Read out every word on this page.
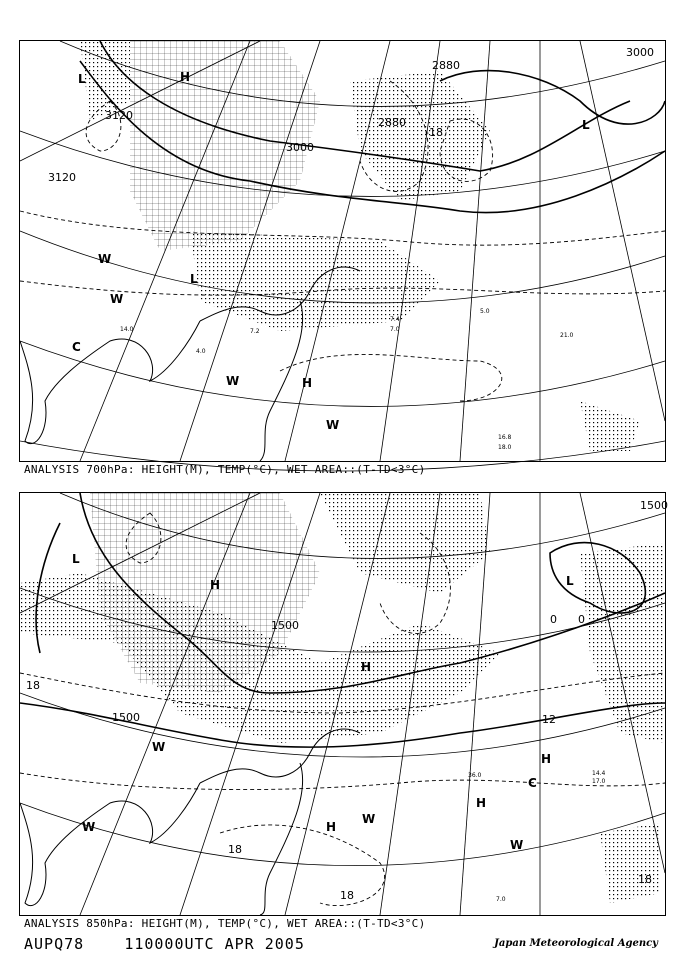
3000
3000
3120
3120
2880
2880
-18
L
L
L
H
H
W
W
W
C
W
7.2
4.0
14.0
5.0
21.0
16.8
18.0
7.4
7.0
ANALYSIS 700hPa: HEIGHT(M), TEMP(°C), WET AREA::(T-TD<3°C)
1500
1500
1500
18
18
12
18
0 0
18
L
L
H
H
H
W
W	H
C
W
H
W
36.0
17.0
14.4
7.0
ANALYSIS 850hPa: HEIGHT(M), TEMP(°C), WET AREA::(T-TD<3°C)
AUPQ78	110000UTC APR 2005	Japan Meteorological Agency
